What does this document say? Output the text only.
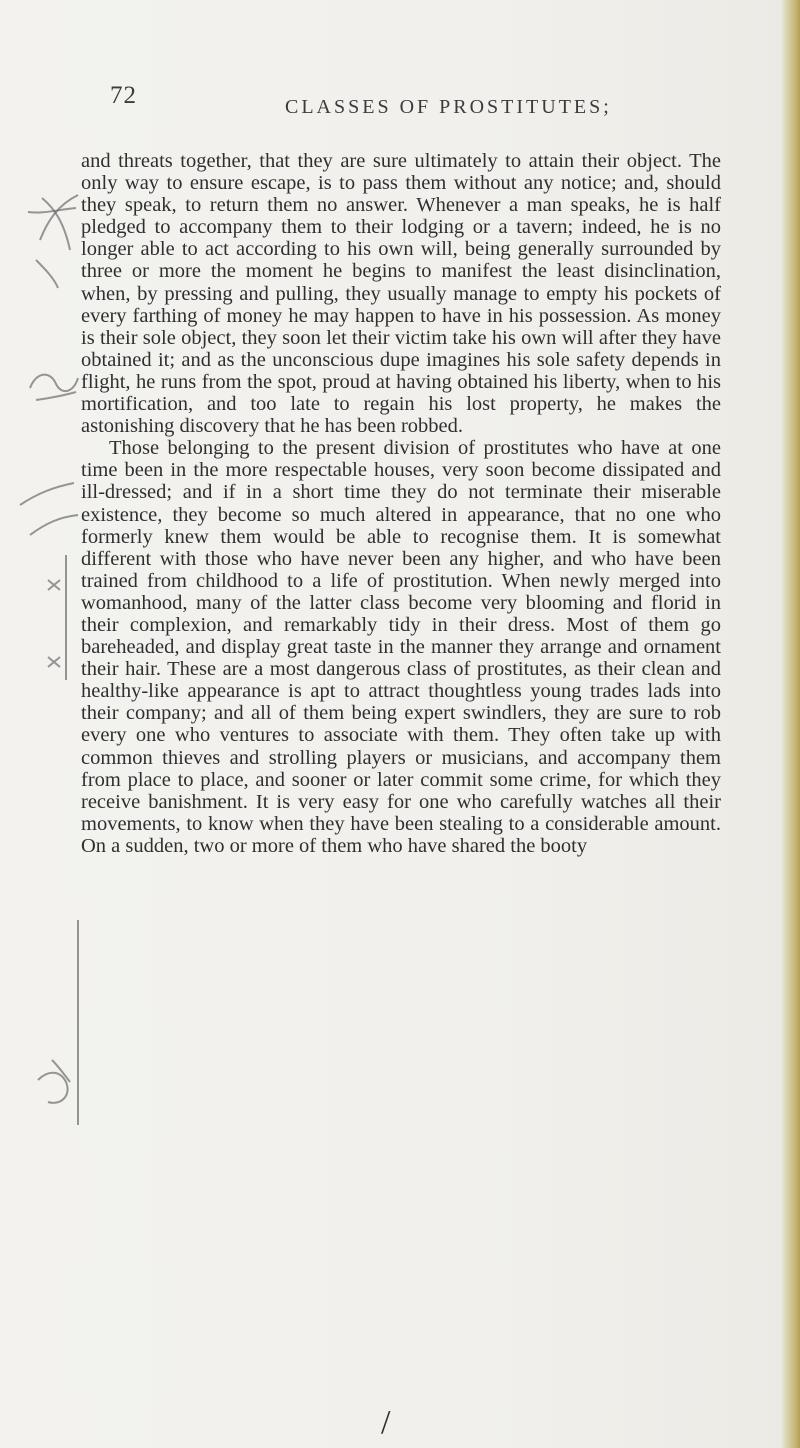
72	CLASSES OF PROSTITUTES;

and threats together, that they are sure ultimately to attain their object. The only way to ensure escape, is to pass them without any notice; and, should they speak, to return them no answer. Whenever a man speaks, he is half pledged to accompany them to their lodging or a tavern; indeed, he is no longer able to act according to his own will, being generally surrounded by three or more the moment he begins to manifest the least disinclination, when, by pressing and pulling, they usually manage to empty his pockets of every farthing of money he may happen to have in his possession. As money is their sole object, they soon let their victim take his own will after they have obtained it; and as the unconscious dupe imagines his sole safety depends in flight, he runs from the spot, proud at having obtained his liberty, when to his mortification, and too late to regain his lost property, he makes the astonishing discovery that he has been robbed.

Those belonging to the present division of prostitutes who have at one time been in the more respectable houses, very soon become dissipated and ill-dressed; and if in a short time they do not terminate their miserable existence, they become so much altered in appearance, that no one who formerly knew them would be able to recognise them. It is somewhat different with those who have never been any higher, and who have been trained from childhood to a life of prostitution. When newly merged into womanhood, many of the latter class become very blooming and florid in their complexion, and remarkably tidy in their dress. Most of them go bareheaded, and display great taste in the manner they arrange and ornament their hair. These are a most dangerous class of prostitutes, as their clean and healthy-like appearance is apt to attract thoughtless young trades lads into their company; and all of them being expert swindlers, they are sure to rob every one who ventures to associate with them. They often take up with common thieves and strolling players or musicians, and accompany them from place to place, and sooner or later commit some crime, for which they receive banishment. It is very easy for one who carefully watches all their movements, to know when they have been stealing to a considerable amount. On a sudden, two or more of them who have shared the booty

/
